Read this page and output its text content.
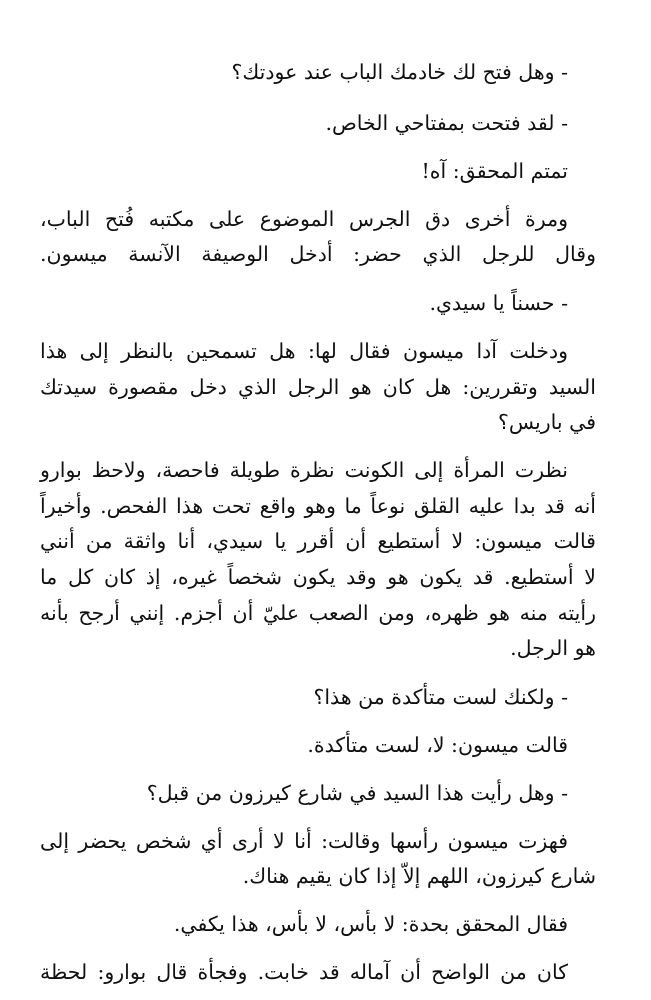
- وهل فتح لك خادمك الباب عند عودتك؟
- لقد فتحت بمفتاحي الخاص.
تمتم المحقق: آه!
ومرة أخرى دق الجرس الموضوع على مكتبه فُتح الباب،
وقال للرجل الذي حضر: أدخل الوصيفة الآنسة ميسون.
- حسناً يا سيدي.
ودخلت آدا ميسون فقال لها: هل تسمحين بالنظر إلى هذا
السيد وتقررين: هل كان هو الرجل الذي دخل مقصورة سيدتك
في باريس؟
نظرت المرأة إلى الكونت نظرة طويلة فاحصة، ولاحظ بوارو
أنه قد بدا عليه القلق نوعاً ما وهو واقع تحت هذا الفحص. وأخيراً
قالت ميسون: لا أستطيع أن أقرر يا سيدي، أنا واثقة من أنني
لا أستطيع. قد يكون هو وقد يكون شخصاً غيره، إذ كان كل ما
رأيته منه هو ظهره، ومن الصعب عليّ أن أجزم. إنني أرجح بأنه
هو الرجل.
- ولكنك لست متأكدة من هذا؟
قالت ميسون: لا، لست متأكدة.
- وهل رأيت هذا السيد في شارع كيرزون من قبل؟
فهزت ميسون رأسها وقالت: أنا لا أرى أي شخص يحضر إلى
شارع كيرزون، اللهم إلاّ إذا كان يقيم هناك.
فقال المحقق بحدة: لا بأس، لا بأس، هذا يكفي.
كان من الواضح أن آماله قد خابت. وفجأة قال بوارو: لحظة
